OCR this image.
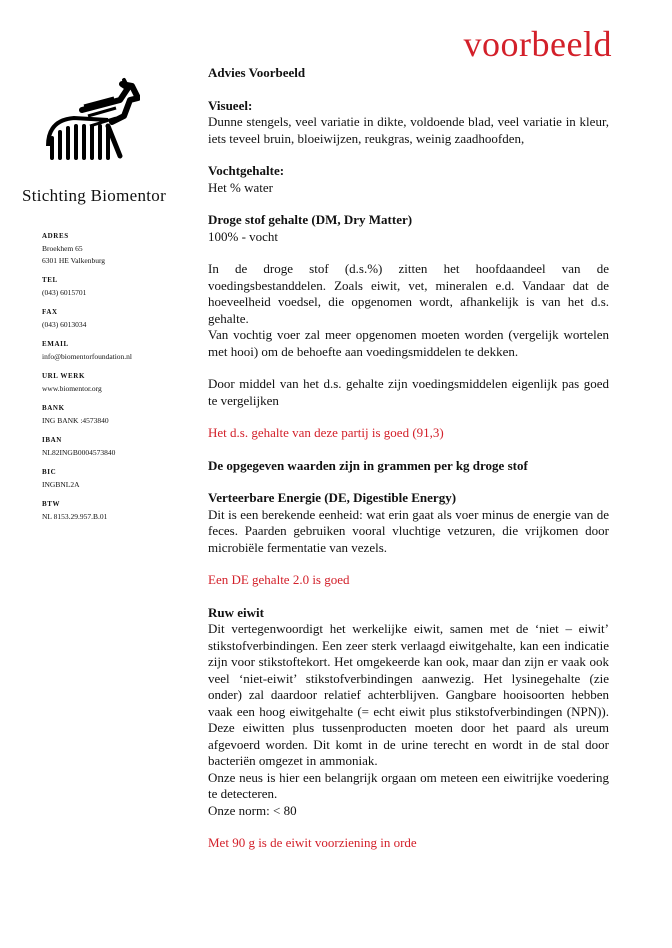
voorbeeld
Stichting Biomentor
ADRES
Broekhem 65
6301 HE Valkenburg
TEL
(043) 6015701
FAX
(043) 6013034
EMAIL
info@biomentorfoundation.nl
URL WERK
www.biomentor.org
BANK
ING BANK :4573840
IBAN
NL82INGB0004573840
BIC
INGBNL2A
BTW
NL 8153.29.957.B.01

Advies Voorbeeld

Visueel:

Dunne stengels, veel variatie in dikte, voldoende blad, veel variatie in kleur, iets teveel bruin, bloeiwijzen, reukgras, weinig zaadhoofden,

Vochtgehalte:

Het % water

Droge stof gehalte (DM, Dry Matter)

100% - vocht

In de droge stof (d.s.%) zitten het hoofdaandeel van de voedingsbestanddelen. Zoals eiwit, vet, mineralen e.d. Vandaar dat de hoeveelheid voedsel, die opgenomen wordt, afhankelijk is van het d.s. gehalte.

Van vochtig voer zal meer opgenomen moeten worden (vergelijk wortelen met hooi) om de behoefte aan voedingsmiddelen te dekken.

Door middel van het d.s. gehalte zijn voedingsmiddelen eigenlijk pas goed te vergelijken

Het d.s. gehalte van deze partij is goed (91,3)

De opgegeven waarden zijn in grammen per kg droge stof

Verteerbare Energie (DE, Digestible Energy)

Dit is een berekende eenheid: wat erin gaat als voer minus de energie van de feces. Paarden gebruiken vooral vluchtige vetzuren, die vrijkomen door microbiële fermentatie van vezels.

Een DE gehalte 2.0 is goed

Ruw eiwit

Dit vertegenwoordigt het werkelijke eiwit, samen met de ‘niet – eiwit’ stikstofverbindingen. Een zeer sterk verlaagd eiwitgehalte, kan een indicatie zijn voor stikstoftekort. Het omgekeerde kan ook, maar dan zijn er vaak ook veel ‘niet-eiwit’ stikstofverbindingen aanwezig. Het lysinegehalte (zie onder) zal daardoor relatief achterblijven. Gangbare hooisoorten hebben vaak een hoog eiwitgehalte (= echt eiwit plus stikstofverbindingen (NPN)). Deze eiwitten plus tussenproducten moeten door het paard als ureum afgevoerd worden. Dit komt in de urine terecht en wordt in de stal door bacteriën omgezet in ammoniak.

Onze neus is hier een belangrijk orgaan om meteen een eiwitrijke voedering te detecteren.

Onze norm: < 80

Met 90 g is de eiwit voorziening in orde
